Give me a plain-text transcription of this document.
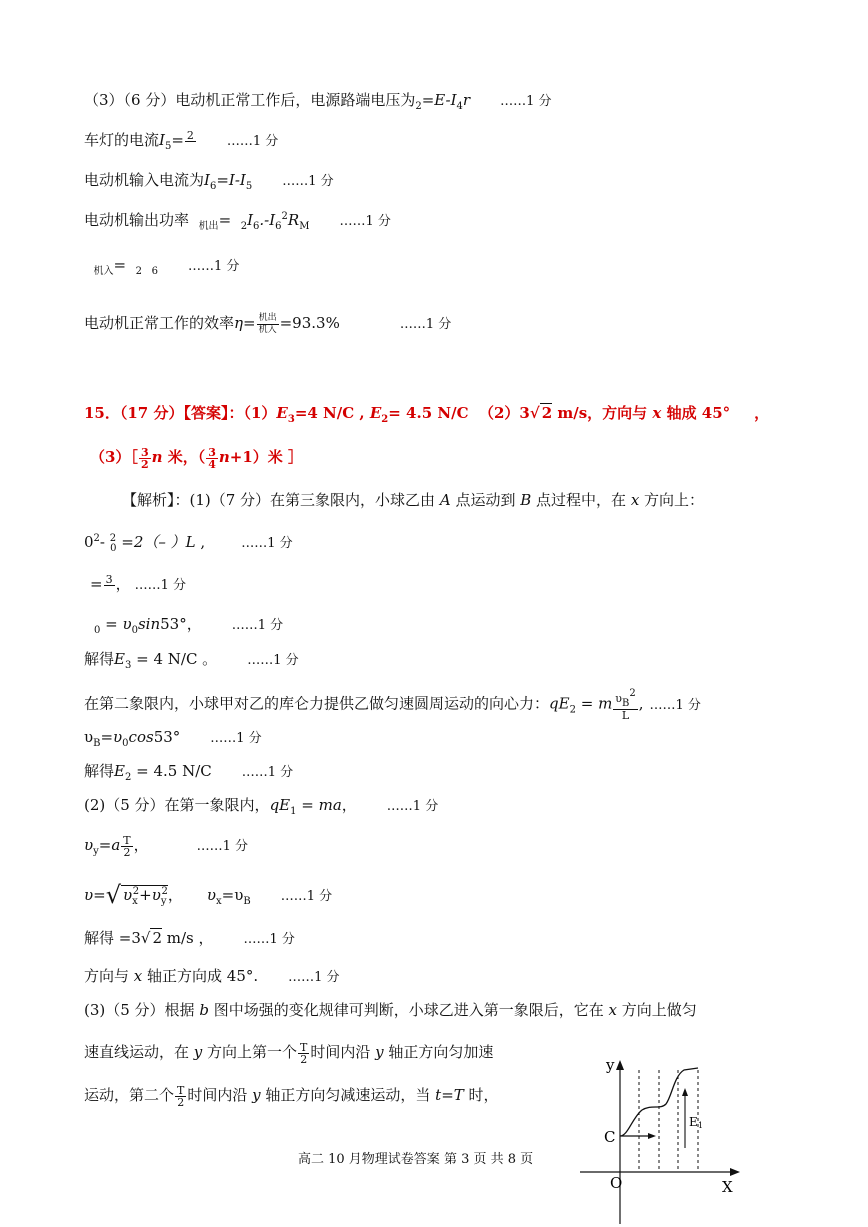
（3）（6 分）电动机正常工作后，电源路端电压为$_2=E-I_4r$ ……1 分
车灯的电流$I_5= 2$
	……1 分
电动机输入电流为$I_6=I-I_5$ ……1 分
电动机输出功率 $_{机出}= _2I_6.-I_6^2R_M$ ……1 分
$_{机入}$= $_2$ $_6$ ……1 分
电动机正常工作的效率$\eta= \frac{\text{机出}}{\text{机入}} =93.3\%$	……1 分
15．（17 分）【答案】：$(1)E_3=4$ N/C , $E_2= 4.5$ N/C （2）3√ 2 m/s，方向与 x 轴成 45° ，
（3）［ $\frac{3}{2}$ n 米，（ $\frac{3}{4} n+1$）米 ］
【解析】：(1)（7 分）在第三象限内，小球乙由 A 点运动到 B 点过程中，在 x 方向上：
$0^2-$ $^2_0$ =2（– ）L ,	……1 分
= 3
， ……1 分
$_0 = \upsilon_0\sin 53^\circ$， ……1 分
解得$E_3 = 4$ N/C 。 ……1 分
在第二象限内，小球甲对乙的库仑力提供乙做匀速圆周运动的向心力：$qE_2 = m \frac{\upsilon_B^2}{L}$ , ……1 分
$\upsilon_B=\upsilon_0\cos 53^\circ$ ……1 分
解得$E_2 = 4.5$ N/C ……1 分
(2)（5 分）在第一象限内，$qE_1$ = ma， ……1 分
$\upsilon_y=a \frac{T}{2}$ ，	……1 分
υ=√ $\upsilon_x^2+\upsilon_y^2$， $\upsilon_x=\upsilon_B$ ……1 分
解得 =3√ 2 m/s ， ……1 分
方向与 x 轴正方向成 45°. ……1 分
(3)（5 分）根据 b 图中场强的变化规律可判断，小球乙进入第一象限后，它在 x 方向上做匀
速直线运动，在 y 方向上第一个 $\frac{T}{2}$ 时间内沿 y 轴正方向匀加速
运动，第二个 $\frac{T}{2}$ 时间内沿 y 轴正方向匀减速运动，当 t=T 时，
y
X
O
C
E 1
高二 10 月物理试卷答案 第 3 页 共 8 页
